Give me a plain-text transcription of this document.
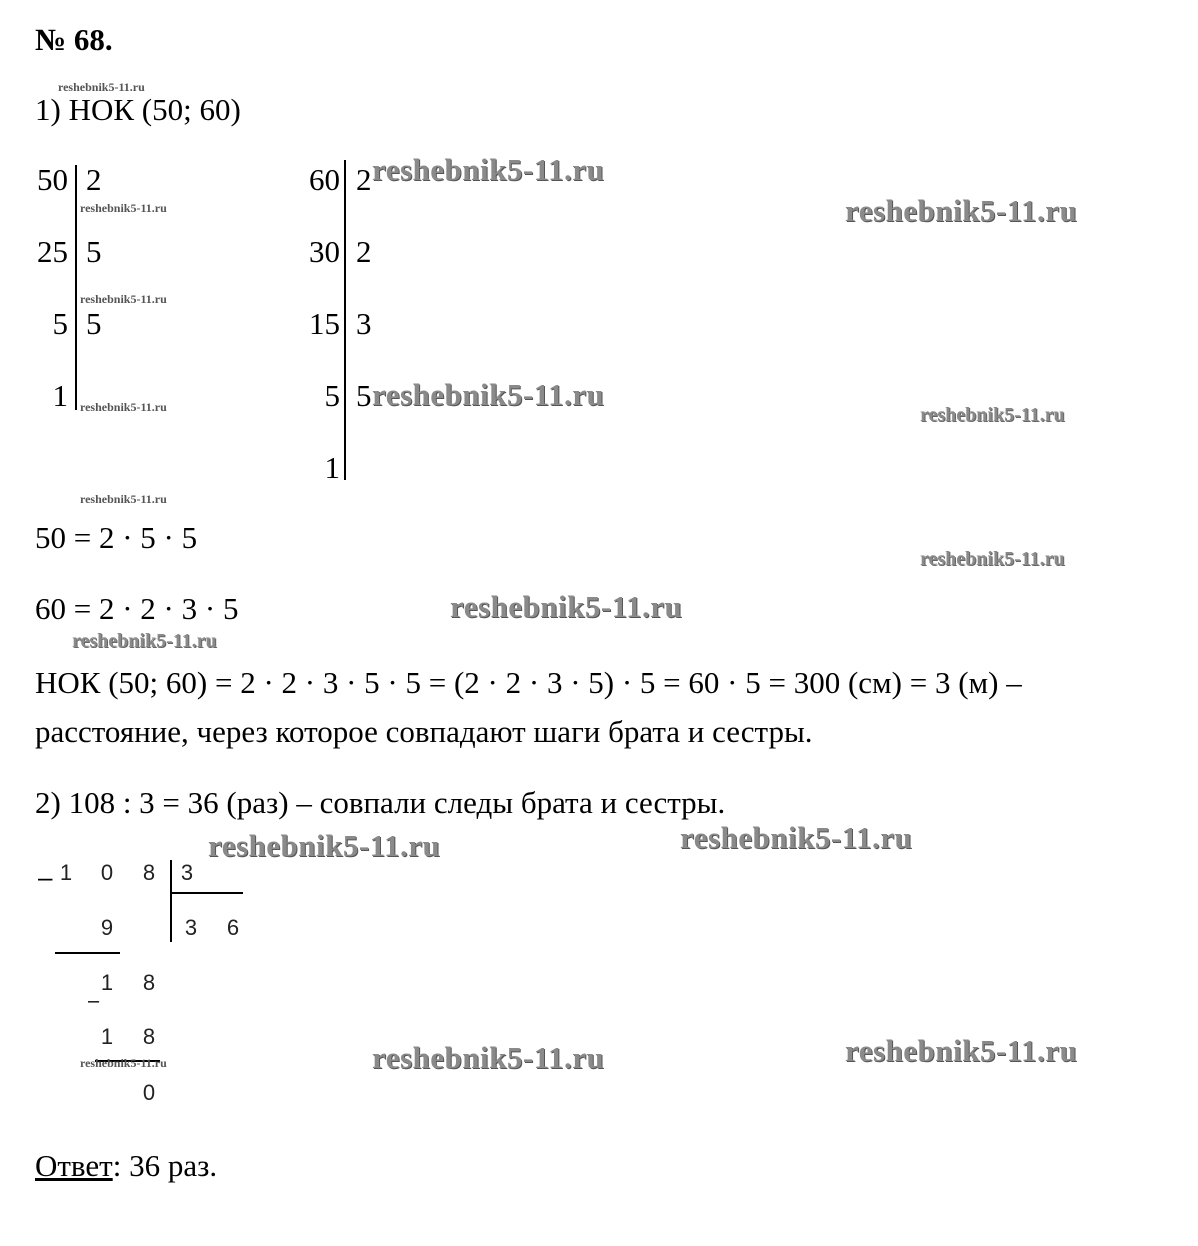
№ 68.
reshebnik5-11.ru
1) НОК (50; 60)
50
25
5
1
2
5
5
reshebnik5-11.ru
reshebnik5-11.ru
reshebnik5-11.ru
60
30
15
5
1
2
2
3
5
reshebnik5-11.ru
reshebnik5-11.ru
reshebnik5-11.ru
reshebnik5-11.ru
reshebnik5-11.ru
reshebnik5-11.ru
reshebnik5-11.ru
reshebnik5-11.ru
50 = 2 · 5 · 5
60 = 2 · 2 · 3 · 5
НОК (50; 60) = 2 · 2 · 3 · 5 · 5 = (2 · 2 · 3 · 5) · 5 = 60 · 5 = 300 (см) = 3 (м) –
расстояние, через которое совпадают шаги брата и сестры.
2) 108 : 3 = 36 (раз) – совпали следы брата и сестры.
reshebnik5-11.ru	reshebnik5-11.ru
– 1 0 8 3
3 6
9
1 8
–
1 8
reshebnik5-11.ru
0
reshebnik5-11.ru	reshebnik5-11.ru
Ответ: 36 раз.
